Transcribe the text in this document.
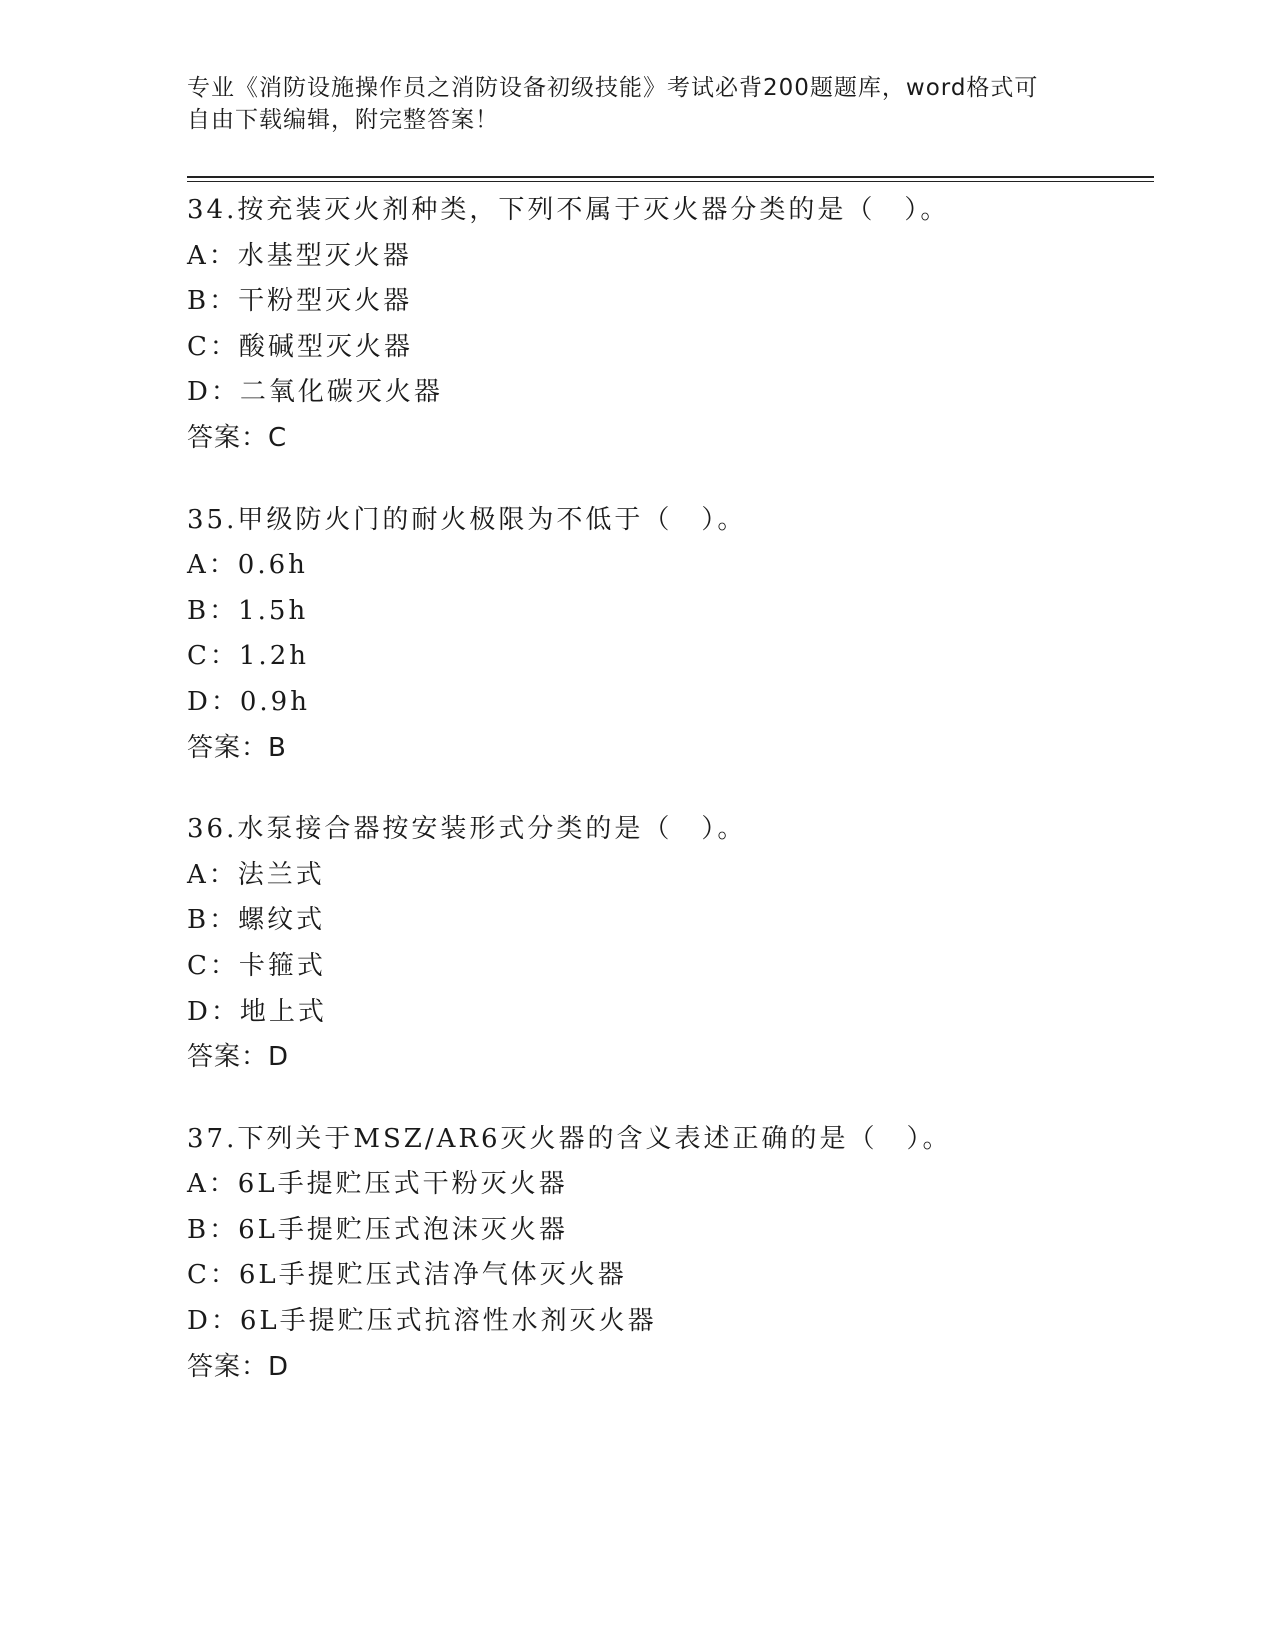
专业《消防设施操作员之消防设备初级技能》考试必背200题题库，word格式可
自由下载编辑，附完整答案！
34.按充装灭火剂种类，下列不属于灭火器分类的是（　）。
A：水基型灭火器
B：干粉型灭火器
C：酸碱型灭火器
D：二氧化碳灭火器
答案：C
35.甲级防火门的耐火极限为不低于（　）。
A：0.6h
B：1.5h
C：1.2h
D：0.9h
答案：B
36.水泵接合器按安装形式分类的是（　）。
A：法兰式
B：螺纹式
C：卡箍式
D：地上式
答案：D
37.下列关于MSZ/AR6灭火器的含义表述正确的是（　）。
A：6L手提贮压式干粉灭火器
B：6L手提贮压式泡沫灭火器
C：6L手提贮压式洁净气体灭火器
D：6L手提贮压式抗溶性水剂灭火器
答案：D
